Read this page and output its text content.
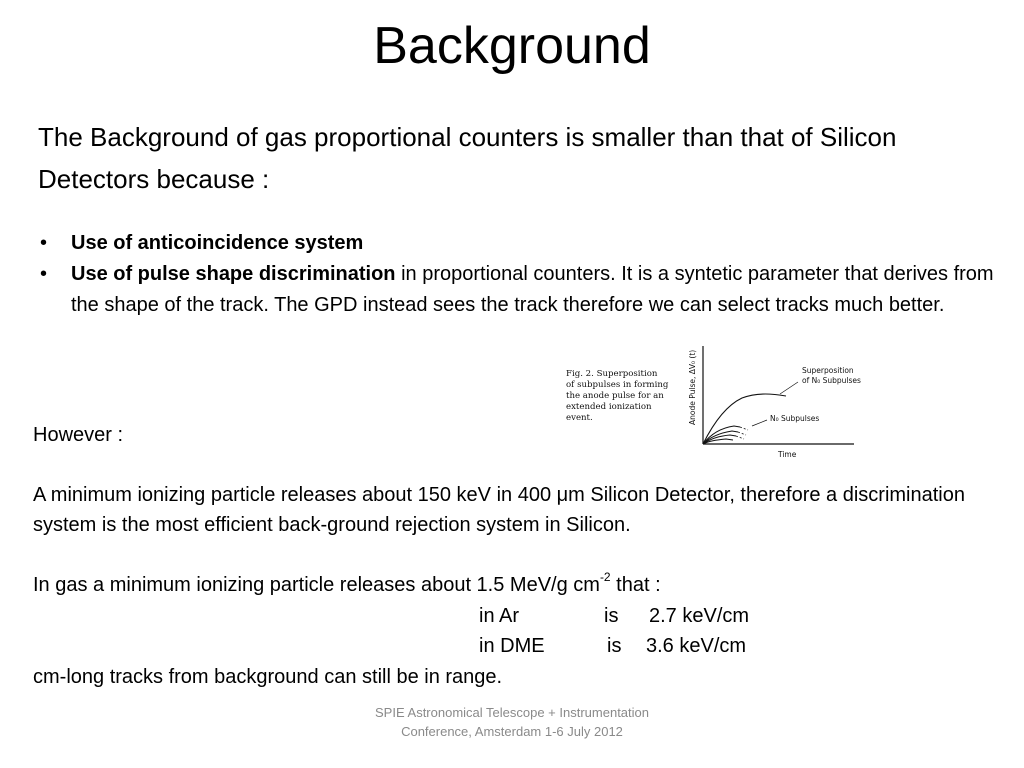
Background
The Background of gas proportional counters is smaller than that of Silicon Detectors because :
• Use of anticoincidence system
• Use of pulse shape discrimination in proportional counters. It is a syntetic parameter that derives from the shape of the track. The GPD instead sees the track therefore we can select tracks much better.
Fig. 2. Superposition
of subpulses in forming
the anode pulse for an
extended ionization
event.	Anode Pulse, ΔV₀ (t)	Superposition
of N₀ Subpulses
N₀ Subpulses
Time
However :
A minimum ionizing particle releases about 150 keV in 400 μm Silicon Detector, therefore a discrimination system is the most efficient back-ground rejection system in Silicon.
In gas a minimum ionizing particle releases about 1.5 MeV/g $cm^{-2}$ that :
in Ar	is 2.7 keV/cm
in DME	is 3.6 keV/cm
cm-long tracks from background can still be in range.
SPIE Astronomical Telescope + Instrumentation Conference, Amsterdam 1-6 July 2012
